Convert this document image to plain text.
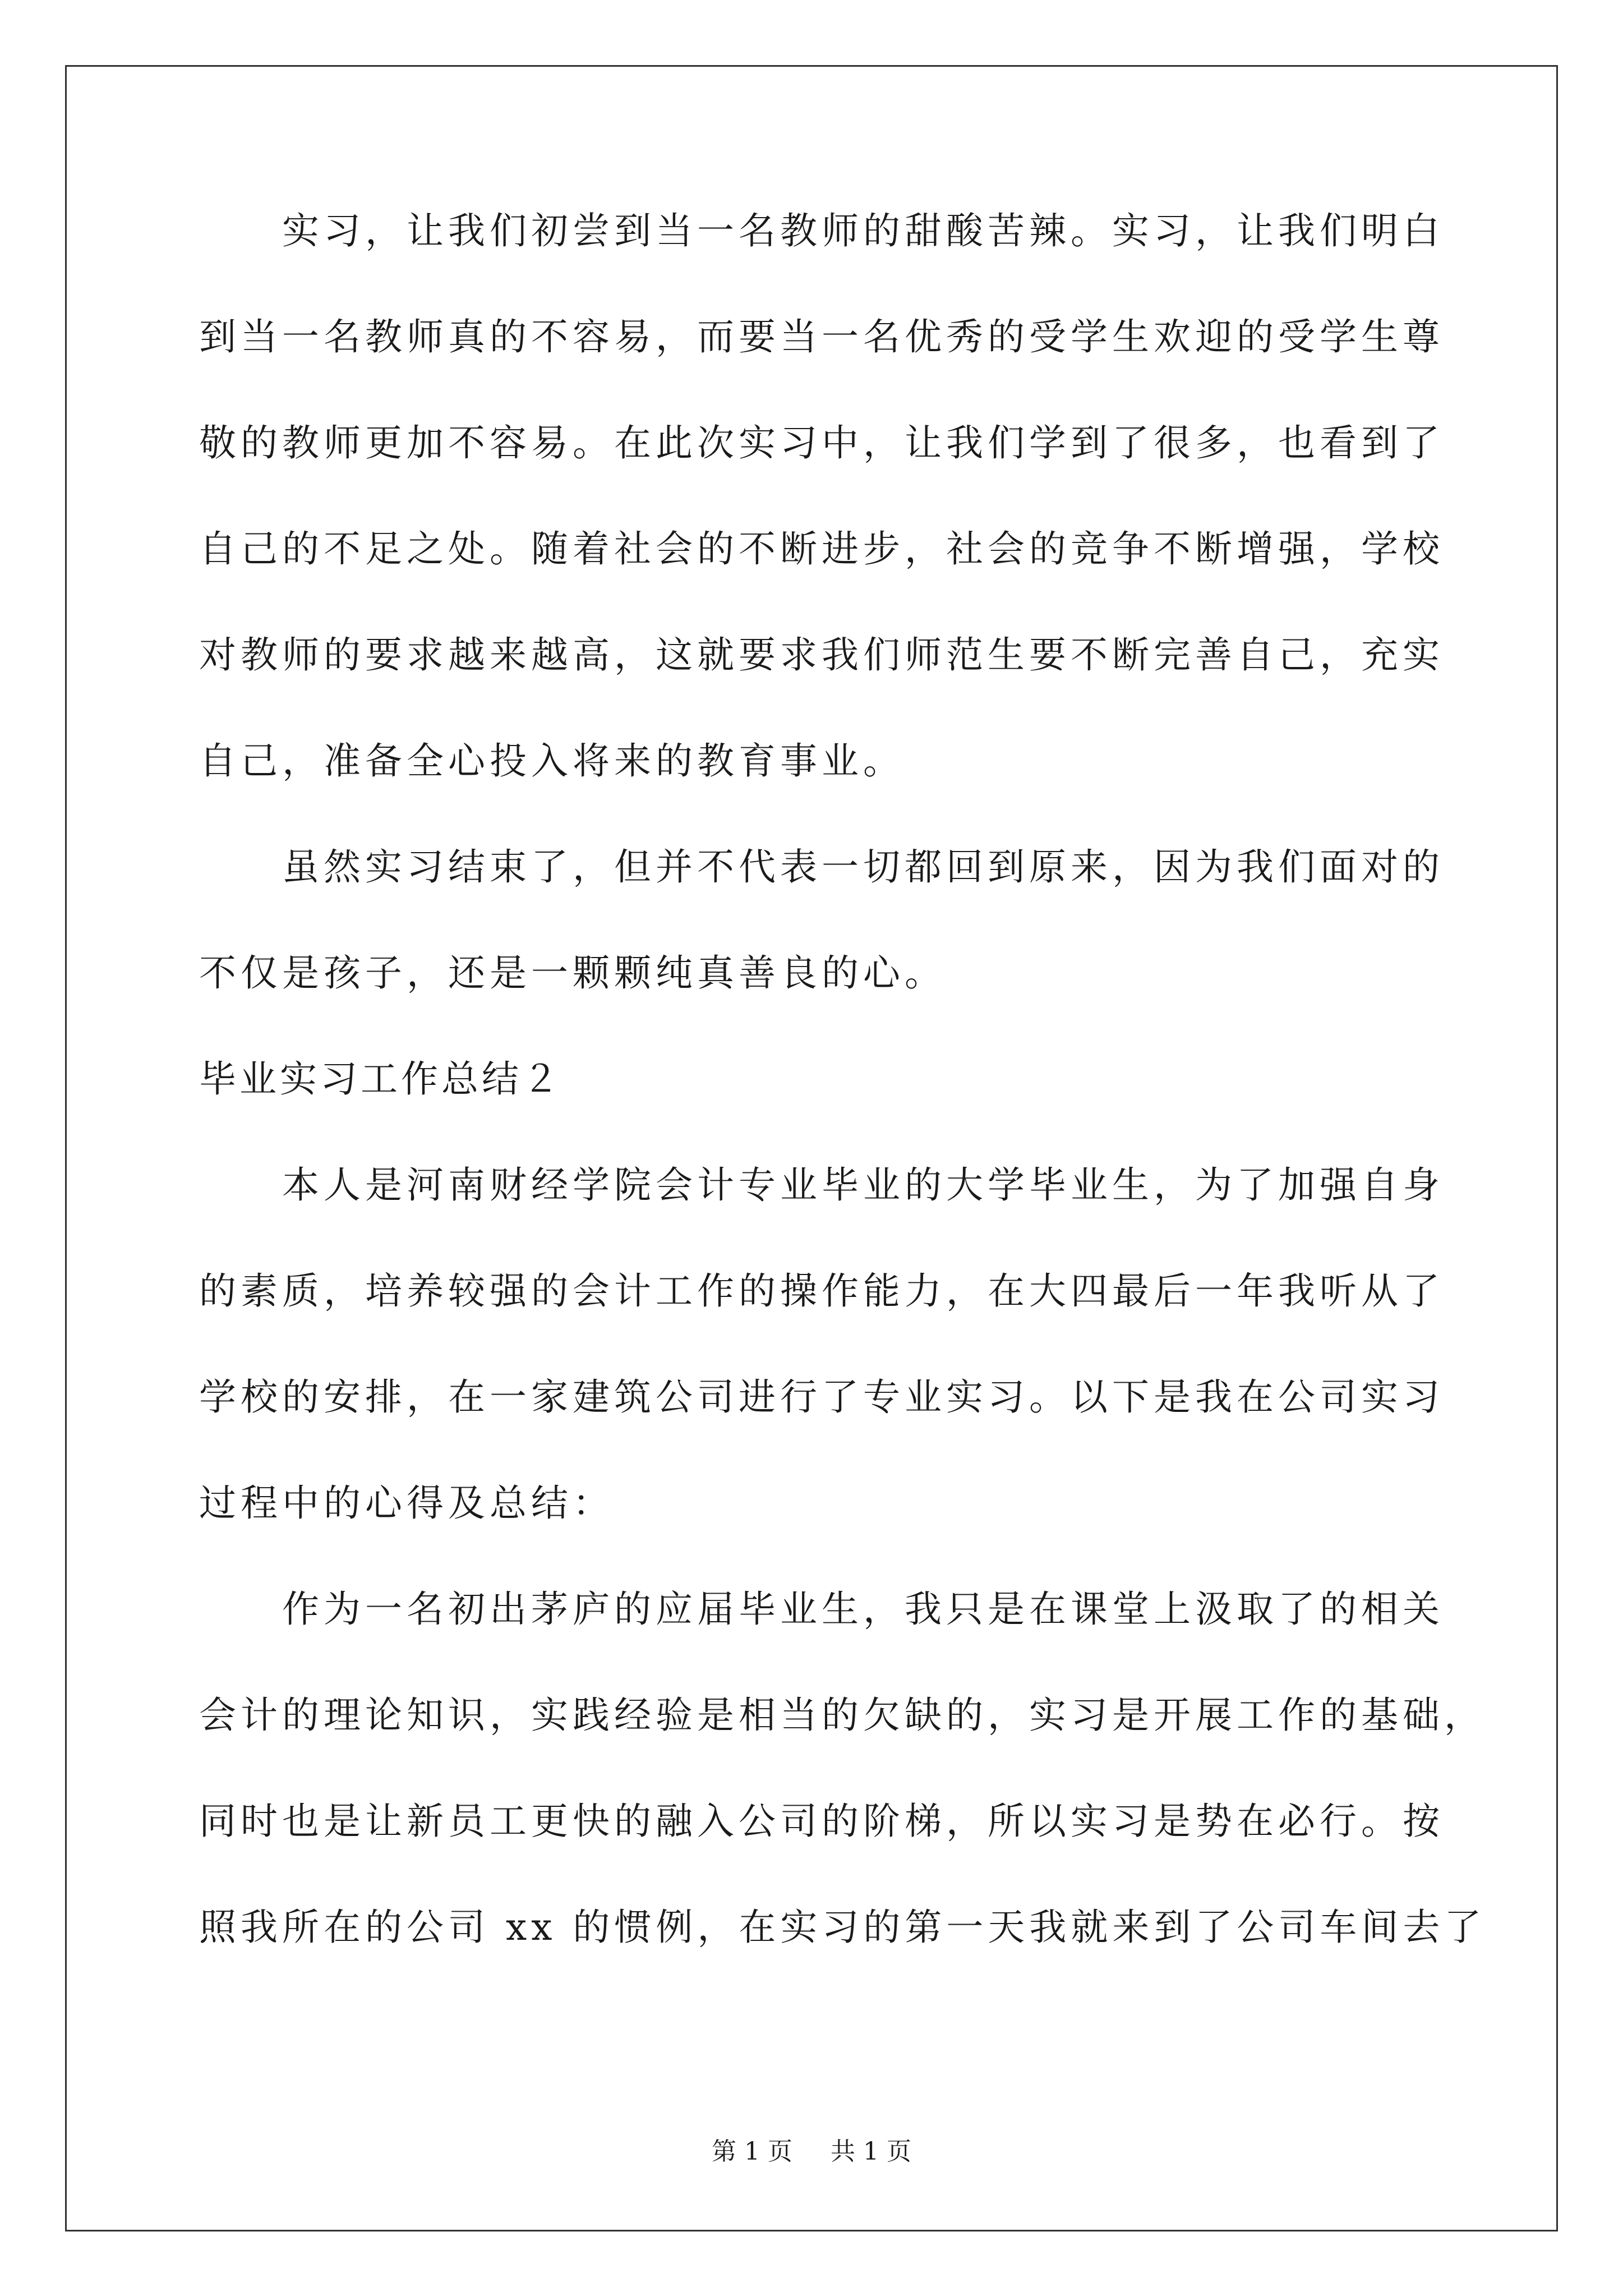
　　实习，让我们初尝到当一名教师的甜酸苦辣。实习，让我们明白
到当一名教师真的不容易，而要当一名优秀的受学生欢迎的受学生尊
敬的教师更加不容易。在此次实习中，让我们学到了很多，也看到了
自己的不足之处。随着社会的不断进步，社会的竞争不断增强，学校
对教师的要求越来越高，这就要求我们师范生要不断完善自己，充实
自己，准备全心投入将来的教育事业。
　　虽然实习结束了，但并不代表一切都回到原来，因为我们面对的
不仅是孩子，还是一颗颗纯真善良的心。
毕业实习工作总结２
　　本人是河南财经学院会计专业毕业的大学毕业生，为了加强自身
的素质，培养较强的会计工作的操作能力，在大四最后一年我听从了
学校的安排，在一家建筑公司进行了专业实习。以下是我在公司实习
过程中的心得及总结：
　　作为一名初出茅庐的应届毕业生，我只是在课堂上汲取了的相关
会计的理论知识，实践经验是相当的欠缺的，实习是开展工作的基础，
同时也是让新员工更快的融入公司的阶梯，所以实习是势在必行。按
照我所在的公司 xx 的惯例，在实习的第一天我就来到了公司车间去了
第 1 页 共 1 页
